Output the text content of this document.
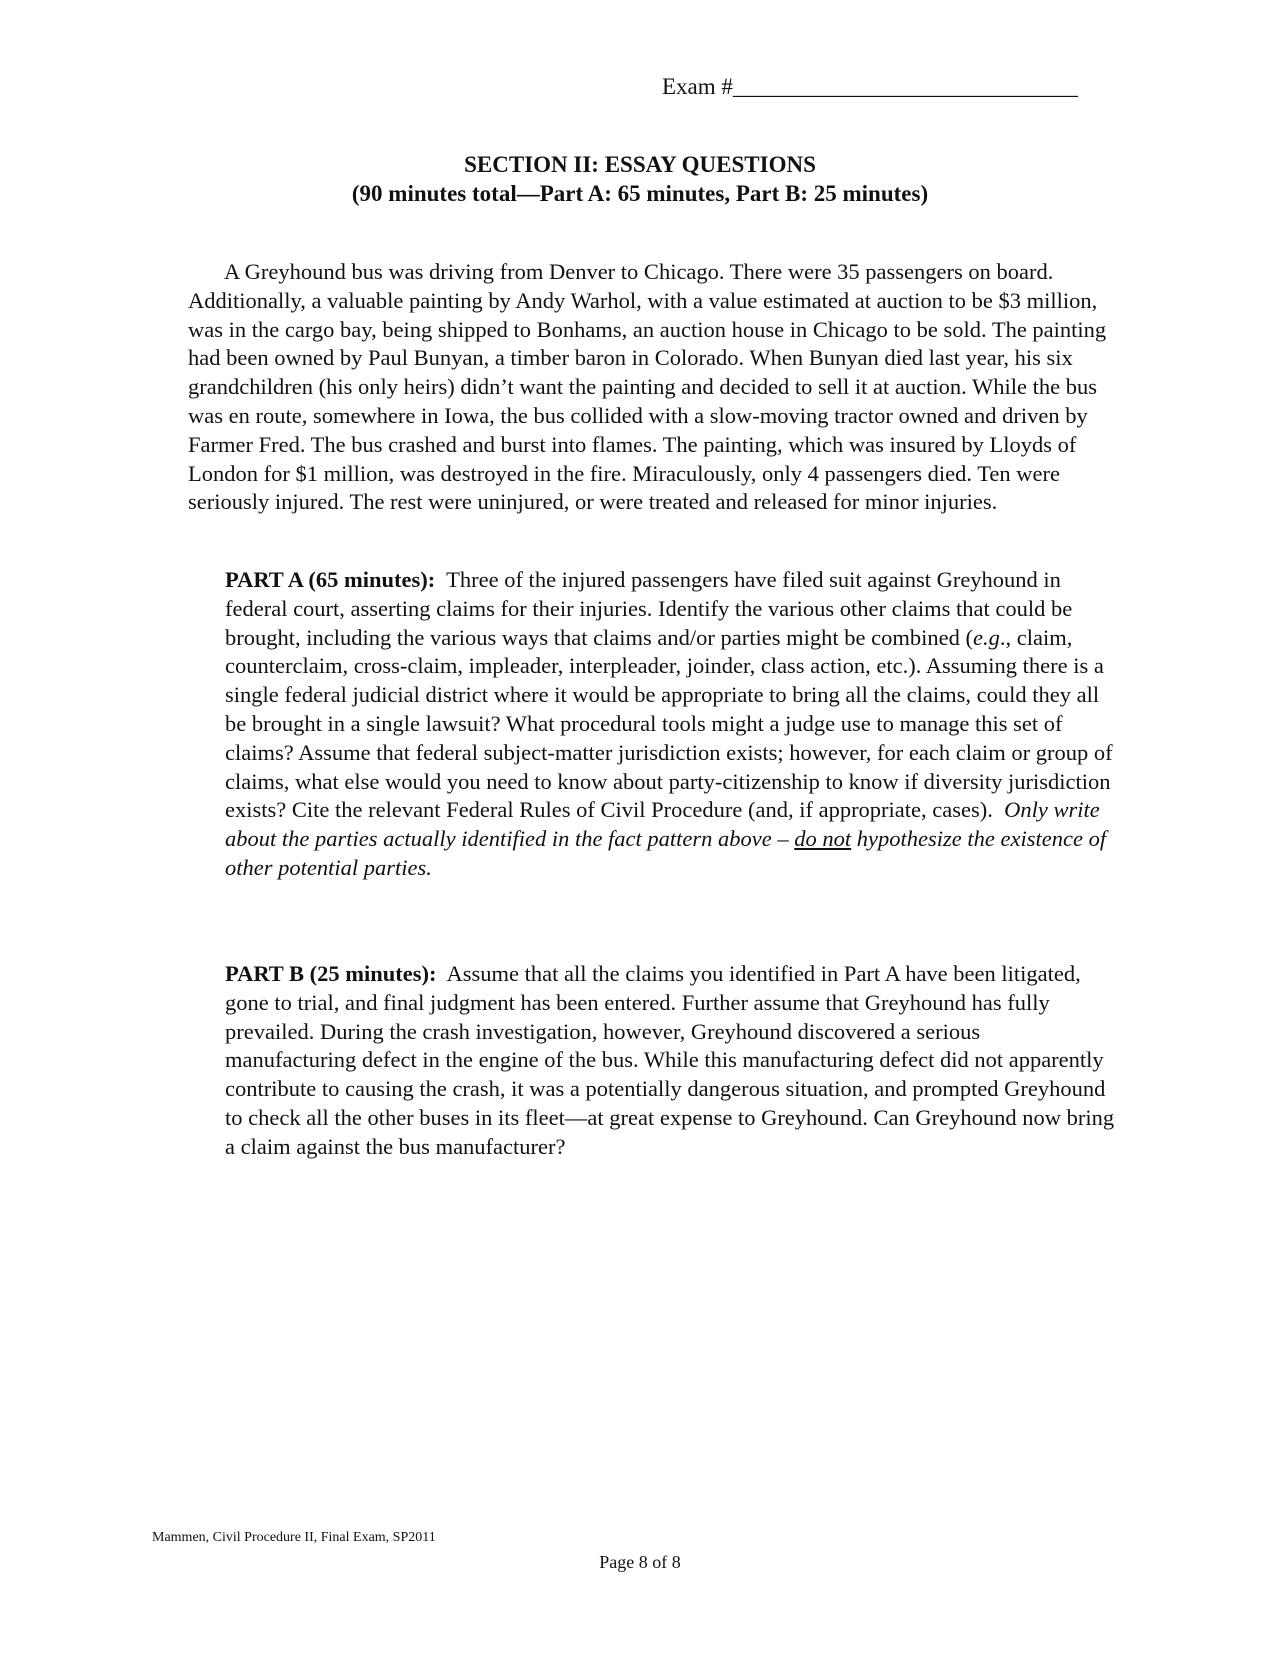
Exam #______________________________
SECTION II: ESSAY QUESTIONS
(90 minutes total—Part A: 65 minutes, Part B: 25 minutes)

A Greyhound bus was driving from Denver to Chicago. There were 35 passengers on board. Additionally, a valuable painting by Andy Warhol, with a value estimated at auction to be $3 million, was in the cargo bay, being shipped to Bonhams, an auction house in Chicago to be sold. The painting had been owned by Paul Bunyan, a timber baron in Colorado. When Bunyan died last year, his six grandchildren (his only heirs) didn’t want the painting and decided to sell it at auction. While the bus was en route, somewhere in Iowa, the bus collided with a slow-moving tractor owned and driven by Farmer Fred. The bus crashed and burst into flames. The painting, which was insured by Lloyds of London for $1 million, was destroyed in the fire. Miraculously, only 4 passengers died. Ten were seriously injured. The rest were uninjured, or were treated and released for minor injuries.

PART A (65 minutes): Three of the injured passengers have filed suit against Greyhound in federal court, asserting claims for their injuries. Identify the various other claims that could be brought, including the various ways that claims and/or parties might be combined (e.g., claim, counterclaim, cross-claim, impleader, interpleader, joinder, class action, etc.). Assuming there is a single federal judicial district where it would be appropriate to bring all the claims, could they all be brought in a single lawsuit? What procedural tools might a judge use to manage this set of claims? Assume that federal subject-matter jurisdiction exists; however, for each claim or group of claims, what else would you need to know about party-citizenship to know if diversity jurisdiction exists? Cite the relevant Federal Rules of Civil Procedure (and, if appropriate, cases). Only write about the parties actually identified in the fact pattern above – do not hypothesize the existence of other potential parties.

PART B (25 minutes): Assume that all the claims you identified in Part A have been litigated, gone to trial, and final judgment has been entered. Further assume that Greyhound has fully prevailed. During the crash investigation, however, Greyhound discovered a serious manufacturing defect in the engine of the bus. While this manufacturing defect did not apparently contribute to causing the crash, it was a potentially dangerous situation, and prompted Greyhound to check all the other buses in its fleet—at great expense to Greyhound. Can Greyhound now bring a claim against the bus manufacturer?

Mammen, Civil Procedure II, Final Exam, SP2011
Page 8 of 8
